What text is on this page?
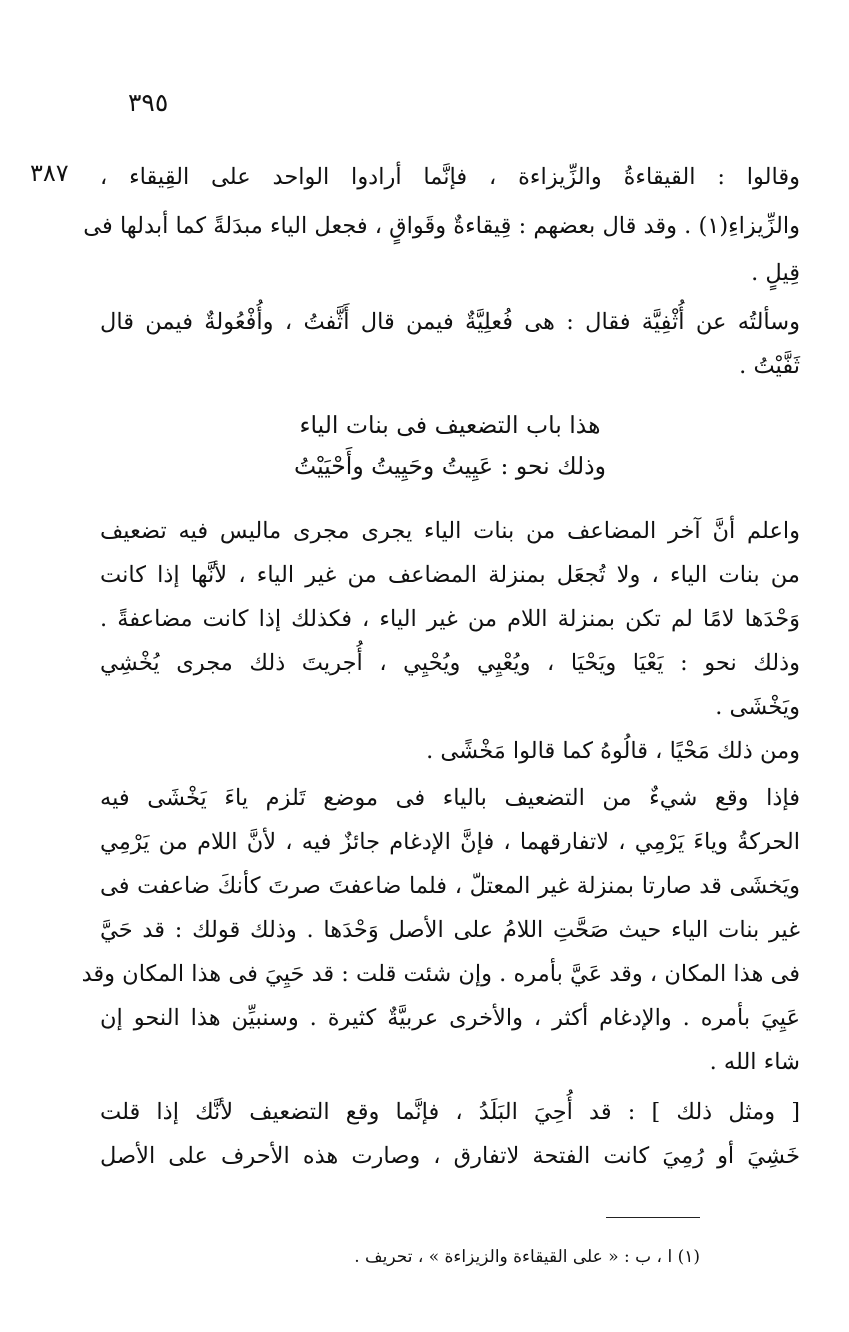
٣٩٥
٣٨٧ وقالوا : القيقاءةُ والزِّيزاءة ، فإنَّما أرادوا الواحد على القِيقاء ،
والزِّيزاءِ(١) . وقد قال بعضهم : قِيقاءةٌ وقَواقٍ ، فجعل الياء مبدَلةً كما أبدلها فى
قِيلٍ .
وسألتُه عن أُثْفِيَّة فقال : هى فُعلِيَّةٌ فيمن قال أَثَّفتُ ، وأُفْعُولةٌ فيمن قال
ثَفَّيْتُ .
هذا باب التضعيف فى بنات الياء
وذلك نحو : عَيِيتُ وحَيِيتُ وأَحْيَيْتُ
واعلم أنَّ آخر المضاعف من بنات الياء يجرى مجرى ماليس فيه تضعيف
من بنات الياء ، ولا تُجعَل بمنزلة المضاعف من غير الياء ، لأنَّها إذا كانت
وَحْدَها لامًا لم تكن بمنزلة اللام من غير الياء ، فكذلك إذا كانت مضاعفةً .
وذلك نحو : يَعْيَا ويَحْيَا ، ويُعْيِي ويُحْيِي ، أُجريتَ ذلك مجرى يُخْشِي
ويَخْشَى .
ومن ذلك مَحْيًا ، قالُوهُ كما قالوا مَخْشًى .
فإذا وقع شيءٌ من التضعيف بالياء فى موضع تَلزم ياءَ يَخْشَى فيه
الحركةُ وياءَ يَرْمِي ، لاتفارقهما ، فإنَّ الإدغام جائزٌ فيه ، لأنَّ اللام من يَرْمِي
ويَخشَى قد صارتا بمنزلة غير المعتلّ ، فلما ضاعفتَ صرتَ كأنكَ ضاعفت فى
غير بنات الياء حيث صَحَّتِ اللامُ على الأصل وَحْدَها . وذلك قولك : قد حَيَّ
فى هذا المكان ، وقد عَيَّ بأمره . وإن شئت قلت : قد حَيِيَ فى هذا المكان وقد
عَيِيَ بأمره . والإدغام أكثر ، والأخرى عربيَّةٌ كثيرة . وسنبيِّن هذا النحو إن
شاء الله .
[ ومثل ذلك ] : قد أُحِيَ البَلَدُ ، فإنَّما وقع التضعيف لأنَّك إذا قلت
خَشِيَ أو رُمِيَ كانت الفتحة لاتفارق ، وصارت هذه الأحرف على الأصل
(١) ا ، ب : « على القيقاءة والزيزاءة » ، تحريف .
